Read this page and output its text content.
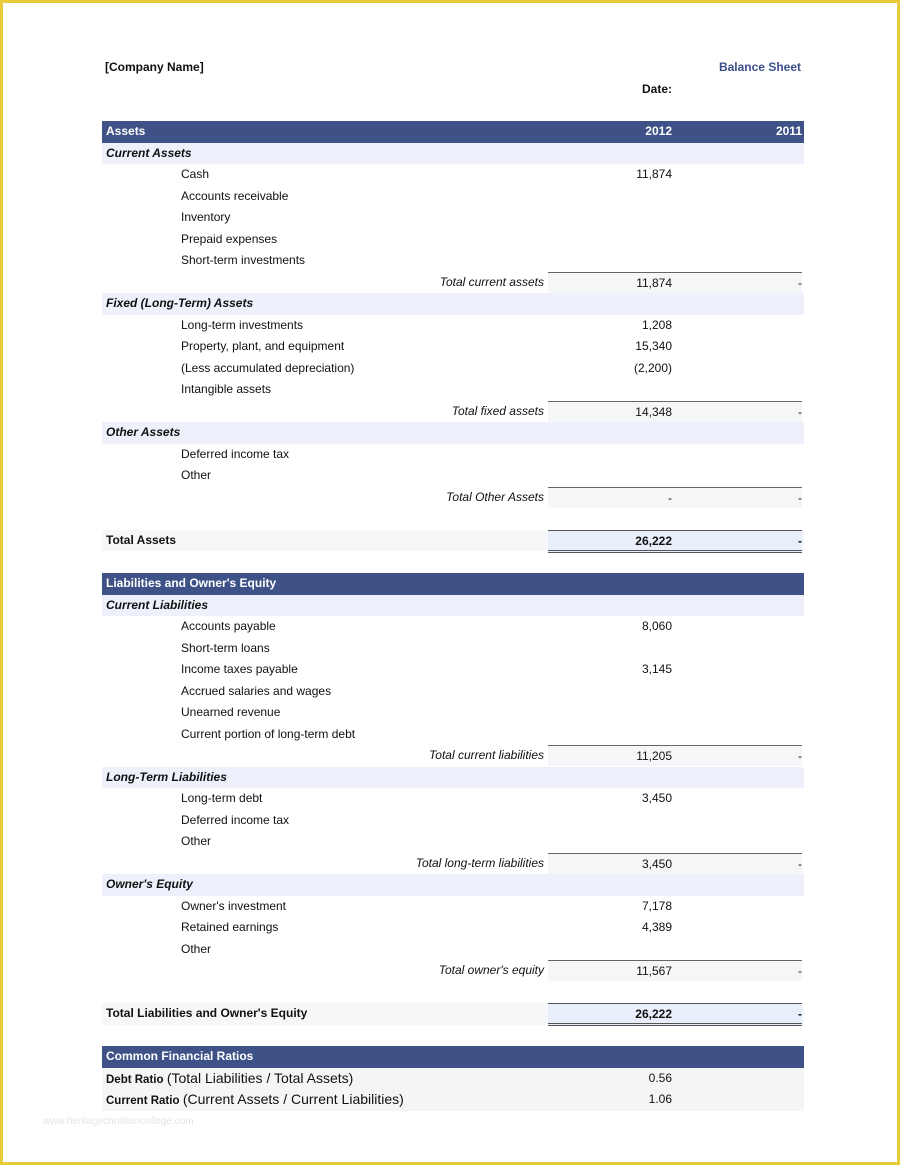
[Company Name]	Balance Sheet
Date:
Assets	2012	2011
Current Assets
Cash	11,874
Accounts receivable
Inventory
Prepaid expenses
Short-term investments
Total current assets	11,874	-
Fixed (Long-Term) Assets
Long-term investments	1,208
Property, plant, and equipment	15,340
(Less accumulated depreciation)	(2,200)
Intangible assets
Total fixed assets	14,348	-
Other Assets
Deferred income tax
Other
Total Other Assets	-	-
Total Assets	26,222	-
Liabilities and Owner's Equity
Current Liabilities
Accounts payable	8,060
Short-term loans
Income taxes payable	3,145
Accrued salaries and wages
Unearned revenue
Current portion of long-term debt
Total current liabilities	11,205	-
Long-Term Liabilities
Long-term debt	3,450
Deferred income tax
Other
Total long-term liabilities	3,450	-
Owner's Equity
Owner's investment	7,178
Retained earnings	4,389
Other
Total owner's equity	11,567	-
Total Liabilities and Owner's Equity	26,222	-
Common Financial Ratios
Debt Ratio (Total Liabilities / Total Assets)	0.56
Current Ratio (Current Assets / Current Liabilities)	1.06
www.heritagechristiancollege.com
